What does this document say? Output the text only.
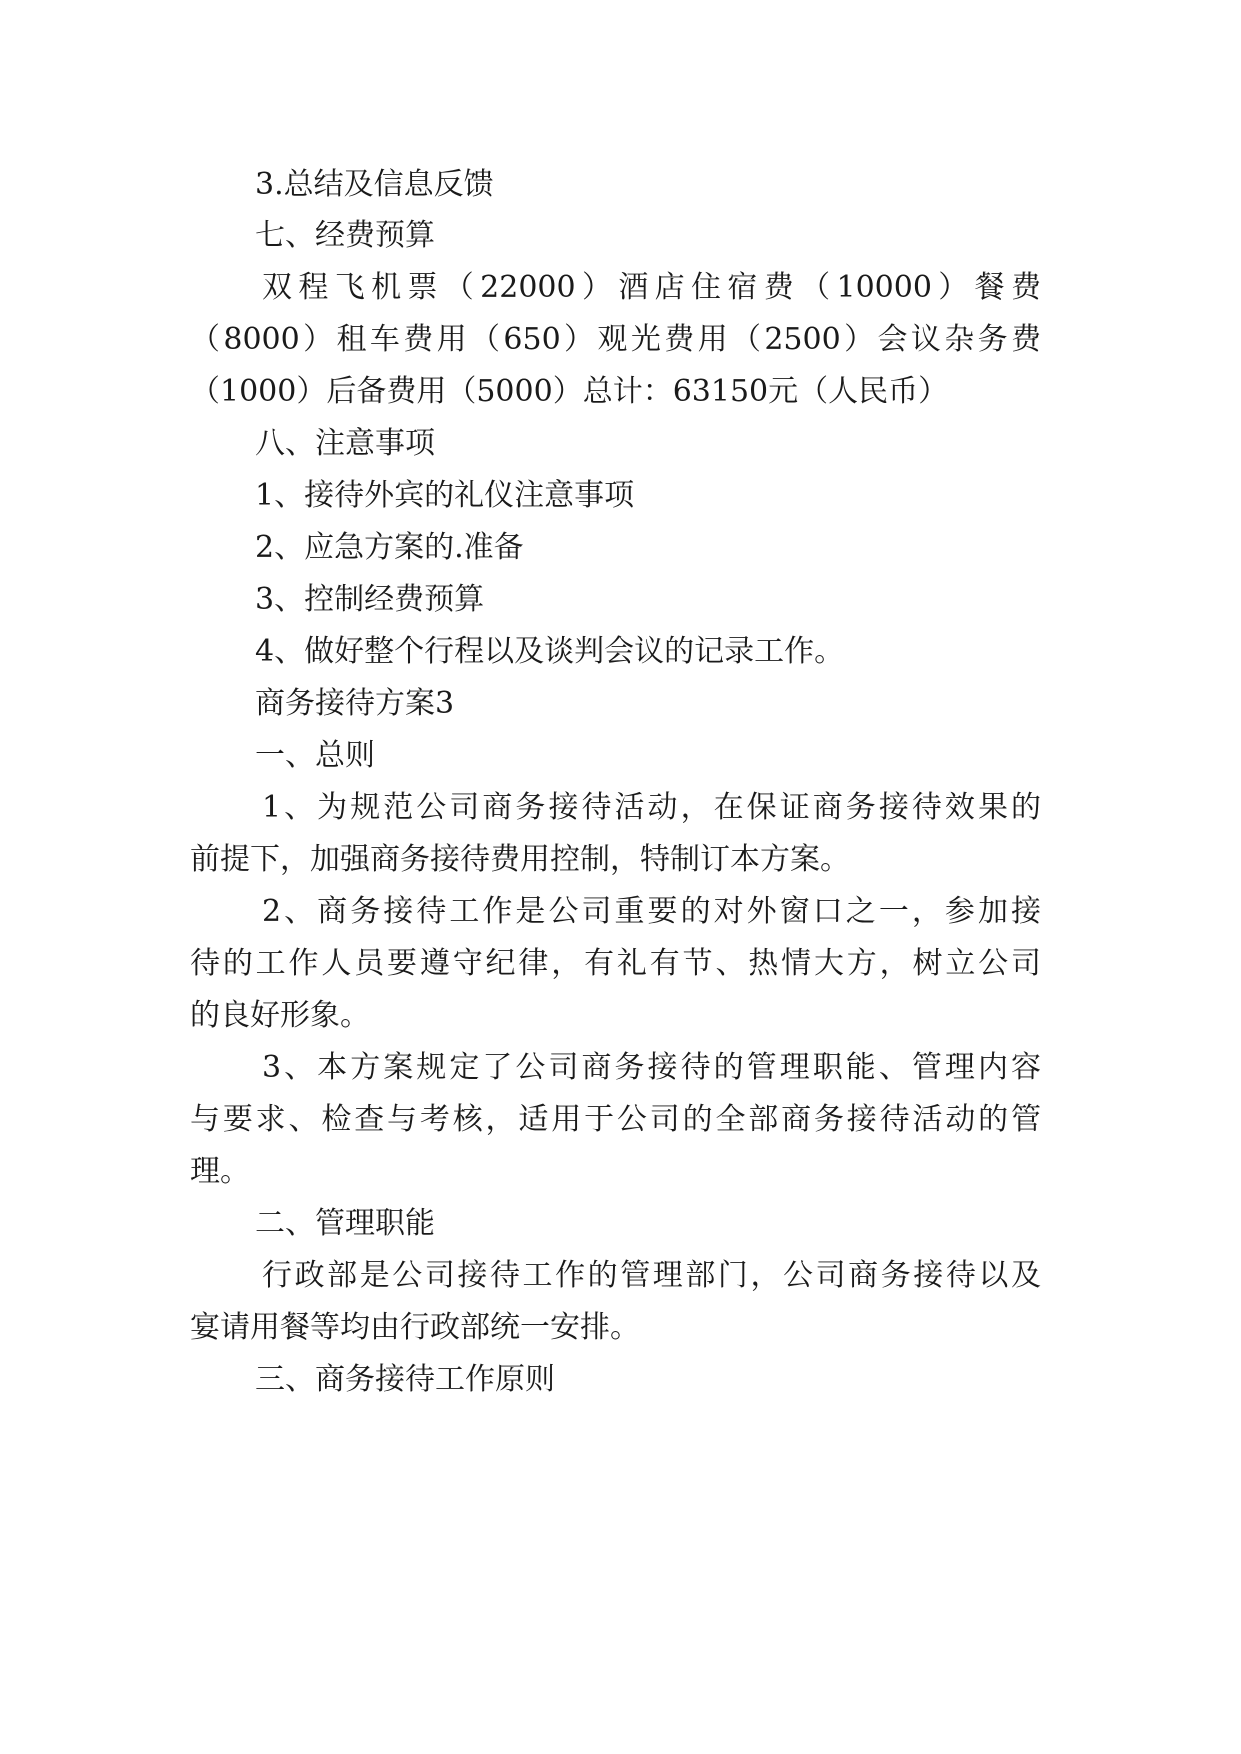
3.总结及信息反馈
七、经费预算
双程飞机票（22000）酒店住宿费（10000）餐费
（8000）租车费用（650）观光费用（2500）会议杂务费
（1000）后备费用（5000）总计：63150元（人民币）
八、注意事项
1、接待外宾的礼仪注意事项
2、应急方案的.准备
3、控制经费预算
4、做好整个行程以及谈判会议的记录工作。
商务接待方案3
一、总则
1、为规范公司商务接待活动，在保证商务接待效果的
前提下，加强商务接待费用控制，特制订本方案。
2、商务接待工作是公司重要的对外窗口之一，参加接
待的工作人员要遵守纪律，有礼有节、热情大方，树立公司
的良好形象。
3、本方案规定了公司商务接待的管理职能、管理内容
与要求、检查与考核，适用于公司的全部商务接待活动的管
理。
二、管理职能
行政部是公司接待工作的管理部门，公司商务接待以及
宴请用餐等均由行政部统一安排。
三、商务接待工作原则
